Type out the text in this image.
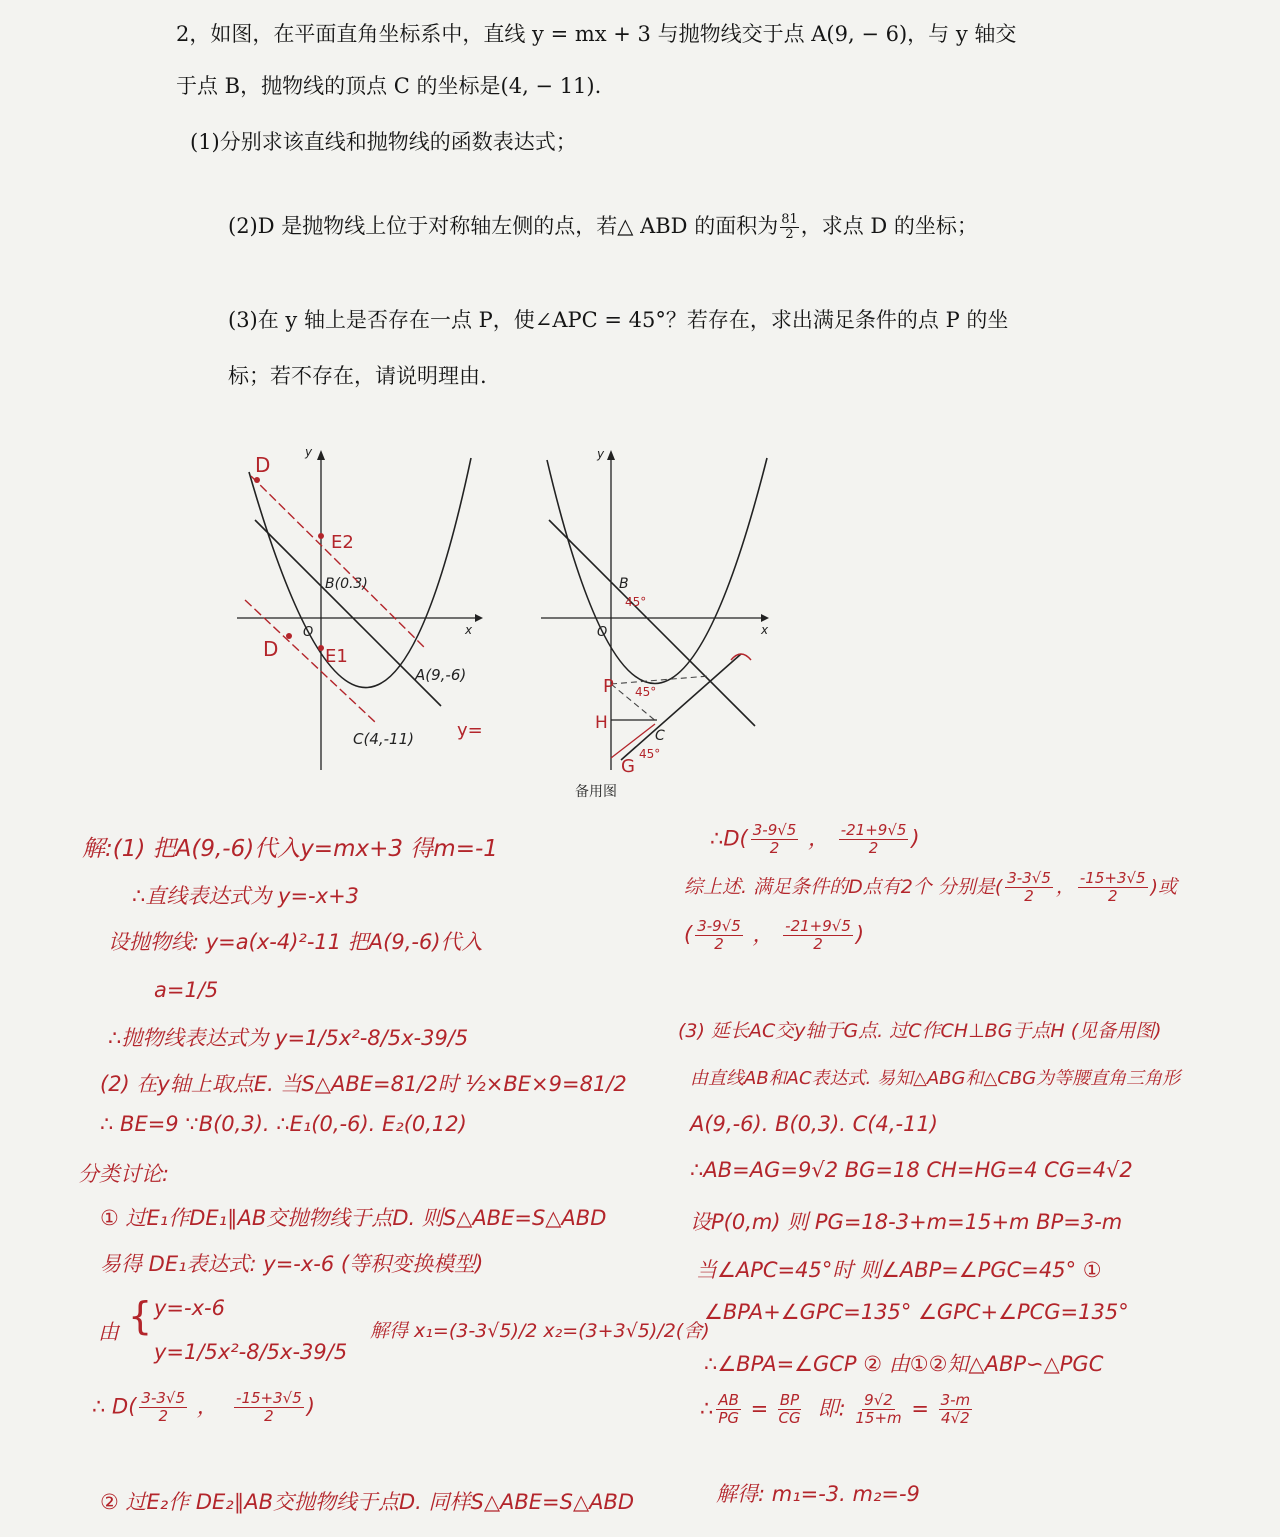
2，如图，在平面直角坐标系中，直线 y = mx + 3 与抛物线交于点 A(9, − 6)，与 y 轴交
于点 B，抛物线的顶点 C 的坐标是(4, − 11).
(1)分别求该直线和抛物线的函数表达式；
(2)D 是抛物线上位于对称轴左侧的点，若△ ABD 的面积为 $\frac{81}{2}$ ，求点 D 的坐标；
(3)在 y 轴上是否存在一点 P，使∠APC = 45°？若存在，求出满足条件的点 P 的坐
标；若不存在，请说明理由.
y
x
O
D
E2
B(0.3)
D	E1
A(9,-6)
C(4,-11) y=
y
x
O
B
45°
P 45°
H
C
45°
G
备用图
解:(1) 把A(9,-6)代入y=mx+3 得m=-1
∴直线表达式为 y=-x+3
设抛物线: y=a(x-4)²-11 把A(9,-6)代入
a=1/5
∴抛物线表达式为 y=1/5x²-8/5x-39/5
(2) 在y轴上取点E. 当S△ABE=81/2时 ½×BE×9=81/2
∴ BE=9 ∵B(0,3). ∴E₁(0,-6). E₂(0,12)
分类讨论:
① 过E₁作DE₁∥AB交抛物线于点D. 则S△ABE=S△ABD
易得 DE₁表达式: y=-x-6 (等积变换模型)
由 { y=-x-6
y=1/5x²-8/5x-39/5
解得 x₁=(3-3√5)/2 x₂=(3+3√5)/2(舍)
∴ $D( \frac{3-3√5}{2}$ ， $\frac{-15+3√5}{2}$ )
② 过E₂作 DE₂∥AB交抛物线于点D. 同样S△ABE=S△ABD
∴D( $\frac{3-9√5}{2}$ ， $\frac{-21+9√5}{2}$ )
综上述. 满足条件的D点有2个 分别是( $\frac{3-3√5}{2}$ ， $\frac{-15+3√5}{2}$ )或
( $\frac{3-9√5}{2}$ ， $\frac{-21+9√5}{2}$ )
(3) 延长AC交y轴于G点. 过C作CH⊥BG于点H (见备用图)
由直线AB和AC表达式. 易知△ABG和△CBG为等腰直角三角形
A(9,-6). B(0,3). C(4,-11)
∴AB=AG=9√2 BG=18 CH=HG=4 CG=4√2
设P(0,m) 则 PG=18-3+m=15+m BP=3-m
当∠APC=45°时 则∠ABP=∠PGC=45° ①
∠BPA+∠GPC=135° ∠GPC+∠PCG=135°
∴∠BPA=∠GCP ② 由①②知△ABP∽△PGC
∴ $\frac{AB}{PG} = \frac{BP}{CG}$ 即: $\frac{9√2}{15+m} = \frac{3-m}{4√2}$
解得: m₁=-3. m₂=-9
